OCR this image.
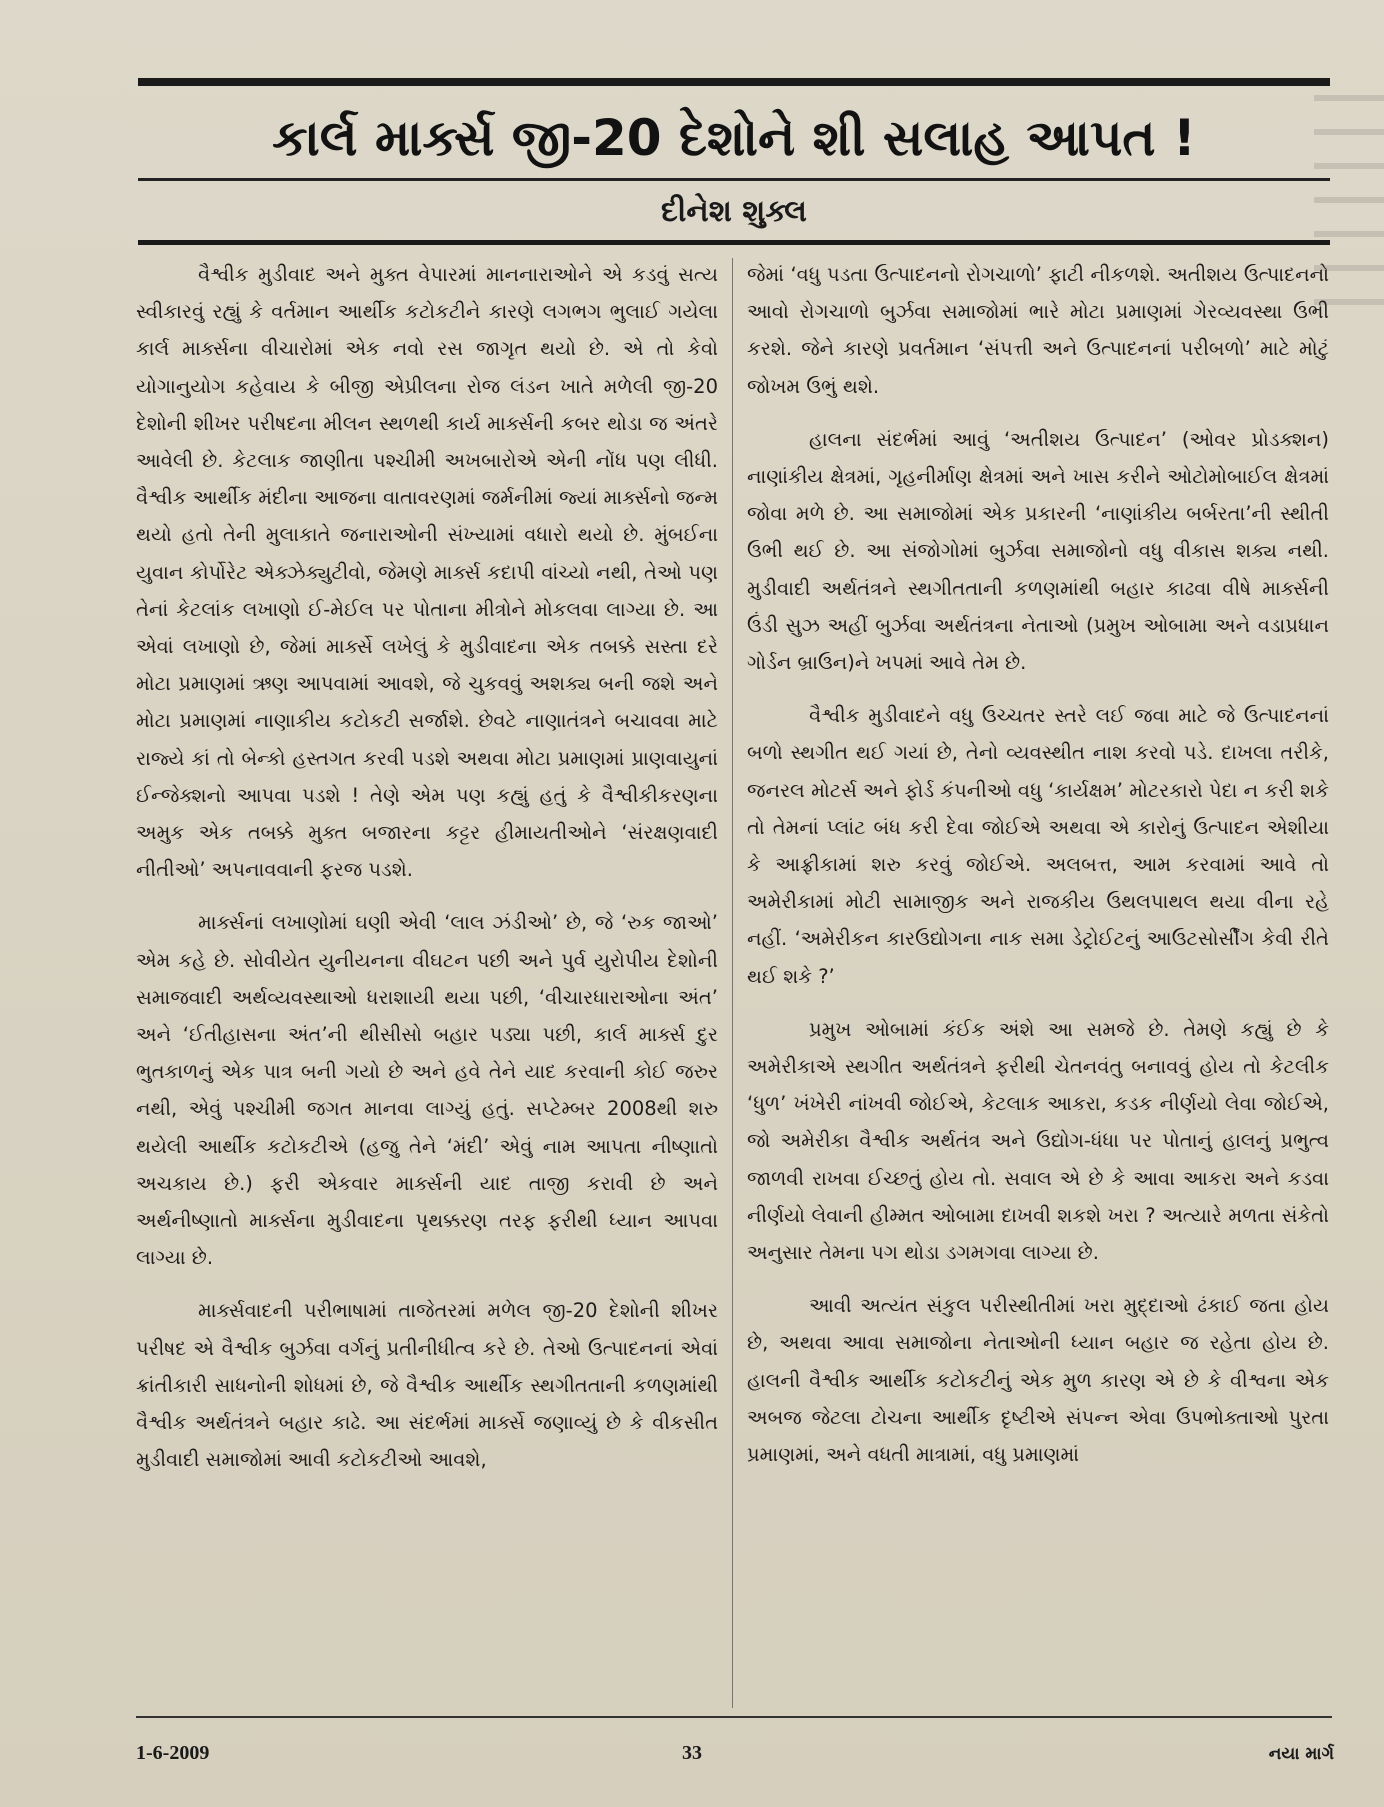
કાર્લ માર્ક્સ જી-20 દેશોને શી સલાહ આપત !
દીનેશ શુક્લ

વૈશ્વીક મુડીવાદ અને મુક્ત વેપારમાં માનનારાઓને એ કડવું સત્ય સ્વીકારવું રહ્યું કે વર્તમાન આર્થીક કટોકટીને કારણે લગભગ ભુલાઈ ગયેલા કાર્લ માર્ક્સના વીચારોમાં એક નવો રસ જાગૃત થયો છે. એ તો કેવો યોગાનુયોગ કહેવાય કે બીજી એપ્રીલના રોજ લંડન ખાતે મળેલી જી-20 દેશોની શીખર પરીષદના મીલન સ્થળથી કાર્ય માર્ક્સની કબર થોડા જ અંતરે આવેલી છે. કેટલાક જાણીતા પશ્ચીમી અખબારોએ એની નોંધ પણ લીધી. વૈશ્વીક આર્થીક મંદીના આજના વાતાવરણમાં જર્મનીમાં જ્યાં માર્ક્સનો જન્મ થયો હતો તેની મુલાકાતે જનારાઓની સંખ્યામાં વધારો થયો છે. મુંબઈના યુવાન કોર્પોરેટ એક્ઝેક્યુટીવો, જેમણે માર્ક્સ કદાપી વાંચ્યો નથી, તેઓ પણ તેનાં કેટલાંક લખાણો ઈ-મેઈલ પર પોતાના મીત્રોને મોકલવા લાગ્યા છે. આ એવાં લખાણો છે, જેમાં માર્ક્સે લખેલું કે મુડીવાદના એક તબક્કે સસ્તા દરે મોટા પ્રમાણમાં ઋણ આપવામાં આવશે, જે ચુકવવું અશક્ય બની જશે અને મોટા પ્રમાણમાં નાણાકીય કટોકટી સર્જાશે. છેવટે નાણાતંત્રને બચાવવા માટે રાજ્યે કાં તો બેન્કો હસ્તગત કરવી પડશે અથવા મોટા પ્રમાણમાં પ્રાણવાયુનાં ઈન્જેક્શનો આપવા પડશે ! તેણે એમ પણ કહ્યું હતું કે વૈશ્વીકીકરણના અમુક એક તબક્કે મુક્ત બજારના કટ્ટર હીમાયતીઓને ‘સંરક્ષણવાદી નીતીઓ’ અપનાવવાની ફરજ પડશે.

માર્ક્સનાં લખાણોમાં ઘણી એવી ‘લાલ ઝંડીઓ’ છે, જે ‘રુક જાઓ’ એમ કહે છે. સોવીયેત યુનીયનના વીઘટન પછી અને પુર્વ યુરોપીય દેશોની સમાજવાદી અર્થવ્યવસ્થાઓ ધરાશાયી થયા પછી, ‘વીચારધારાઓના અંત’ અને ‘ઈતીહાસના અંત’ની થીસીસો બહાર પડ્યા પછી, કાર્લ માર્ક્સ દુર ભુતકાળનું એક પાત્ર બની ગયો છે અને હવે તેને યાદ કરવાની કોઈ જરુર નથી, એવું પશ્ચીમી જગત માનવા લાગ્યું હતું. સપ્ટેમ્બર 2008થી શરુ થયેલી આર્થીક કટોકટીએ (હજુ તેને ‘મંદી’ એવું નામ આપતા નીષ્ણાતો અચકાય છે.) ફરી એકવાર માર્ક્સની યાદ તાજી કરાવી છે અને અર્થનીષ્ણાતો માર્ક્સના મુડીવાદના પૃથક્કરણ તરફ ફરીથી ધ્યાન આપવા લાગ્યા છે.

માર્ક્સવાદની પરીભાષામાં તાજેતરમાં મળેલ જી-20 દેશોની શીખર પરીષદ એ વૈશ્વીક બુર્ઝવા વર્ગનું પ્રતીનીધીત્વ કરે છે. તેઓ ઉત્પાદનનાં એવાં ક્રાંતીકારી સાધનોની શોધમાં છે, જે વૈશ્વીક આર્થીક સ્થગીતતાની કળણમાંથી વૈશ્વીક અર્થતંત્રને બહાર કાઢે. આ સંદર્ભમાં માર્ક્સે જણાવ્યું છે કે વીકસીત મુડીવાદી સમાજોમાં આવી કટોકટીઓ આવશે,

જેમાં ‘વધુ પડતા ઉત્પાદનનો રોગચાળો’ ફાટી નીકળશે. અતીશય ઉત્પાદનનો આવો રોગચાળો બુર્ઝવા સમાજોમાં ભારે મોટા પ્રમાણમાં ગેરવ્યવસ્થા ઉભી કરશે. જેને કારણે પ્રવર્તમાન ‘સંપત્તી અને ઉત્પાદનનાં પરીબળો’ માટે મોટું જોખમ ઉભું થશે.

હાલના સંદર્ભમાં આવું ‘અતીશય ઉત્પાદન’ (ઓવર પ્રોડક્શન) નાણાંકીય ક્ષેત્રમાં, ગૃહનીર્માણ ક્ષેત્રમાં અને ખાસ કરીને ઓટોમોબાઈલ ક્ષેત્રમાં જોવા મળે છે. આ સમાજોમાં એક પ્રકારની ‘નાણાંકીય બર્બરતા’ની સ્થીતી ઉભી થઈ છે. આ સંજોગોમાં બુર્ઝવા સમાજોનો વધુ વીકાસ શક્ય નથી. મુડીવાદી અર્થતંત્રને સ્થગીતતાની કળણમાંથી બહાર કાઢવા વીષે માર્ક્સની ઉંડી સુઝ અહીં બુર્ઝવા અર્થતંત્રના નેતાઓ (પ્રમુખ ઓબામા અને વડાપ્રધાન ગોર્ડન બ્રાઉન)ને ખપમાં આવે તેમ છે.

વૈશ્વીક મુડીવાદને વધુ ઉચ્ચતર સ્તરે લઈ જવા માટે જે ઉત્પાદનનાં બળો સ્થગીત થઈ ગયાં છે, તેનો વ્યવસ્થીત નાશ કરવો પડે. દાખલા તરીકે, જનરલ મોટર્સ અને ફોર્ડ કંપનીઓ વધુ ‘કાર્યક્ષમ’ મોટરકારો પેદા ન કરી શકે તો તેમનાં પ્લાંટ બંધ કરી દેવા જોઈએ અથવા એ કારોનું ઉત્પાદન એશીયા કે આફ્રીકામાં શરુ કરવું જોઈએ. અલબત્ત, આમ કરવામાં આવે તો અમેરીકામાં મોટી સામાજીક અને રાજકીય ઉથલપાથલ થયા વીના રહે નહીં. ‘અમેરીકન કારઉદ્યોગના નાક સમા ડેટ્રોઈટનું આઉટસોર્સીંગ કેવી રીતે થઈ શકે ?’

પ્રમુખ ઓબામાં કંઈક અંશે આ સમજે છે. તેમણે કહ્યું છે કે અમેરીકાએ સ્થગીત અર્થતંત્રને ફરીથી ચેતનવંતુ બનાવવું હોય તો કેટલીક ‘ધુળ’ ખંખેરી નાંખવી જોઈએ, કેટલાક આકરા, કડક નીર્ણયો લેવા જોઈએ, જો અમેરીકા વૈશ્વીક અર્થતંત્ર અને ઉદ્યોગ-ધંધા પર પોતાનું હાલનું પ્રભુત્વ જાળવી રાખવા ઈચ્છતું હોય તો. સવાલ એ છે કે આવા આકરા અને કડવા નીર્ણયો લેવાની હીમ્મત ઓબામા દાખવી શકશે ખરા ? અત્યારે મળતા સંકેતો અનુસાર તેમના પગ થોડા ડગમગવા લાગ્યા છે.

આવી અત્યંત સંકુલ પરીસ્થીતીમાં ખરા મુદ્દાઓ ઢંકાઈ જતા હોય છે, અથવા આવા સમાજોના નેતાઓની ધ્યાન બહાર જ રહેતા હોય છે. હાલની વૈશ્વીક આર્થીક કટોકટીનું એક મુળ કારણ એ છે કે વીશ્વના એક અબજ જેટલા ટોચના આર્થીક દૃષ્ટીએ સંપન્ન એવા ઉપભોક્તાઓ પુરતા પ્રમાણમાં, અને વધતી માત્રામાં, વધુ પ્રમાણમાં

1-6-2009	33	નયા માર્ગ
